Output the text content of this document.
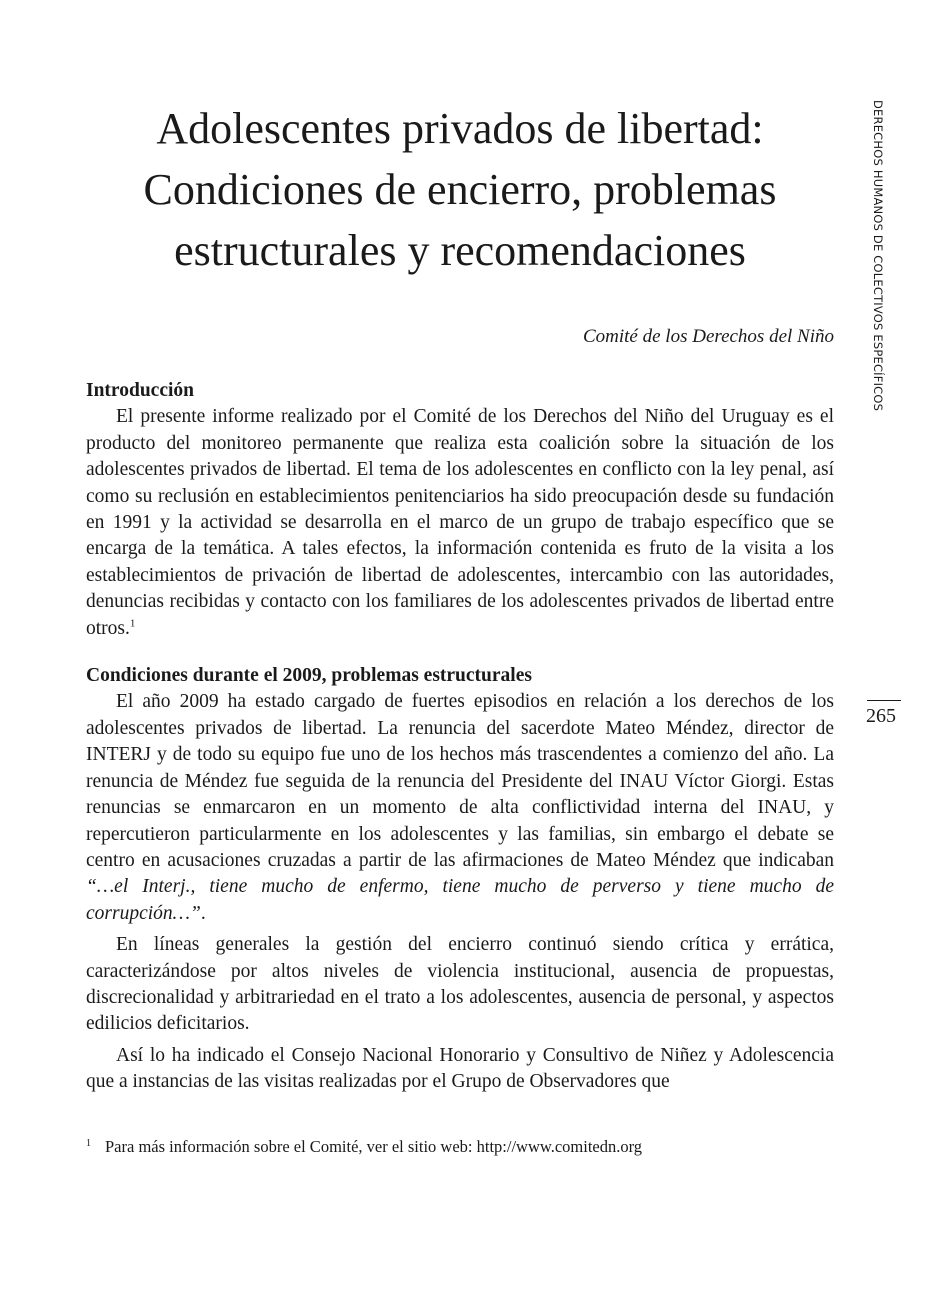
Adolescentes privados de libertad:
Condiciones de encierro, problemas
estructurales y recomendaciones
Comité de los Derechos del Niño
Introducción

El presente informe realizado por el Comité de los Derechos del Niño del Uruguay es el producto del monitoreo permanente que realiza esta coalición sobre la situación de los adolescentes privados de libertad. El tema de los adolescentes en conflicto con la ley penal, así como su reclusión en establecimientos penitenciarios ha sido preocupación desde su fundación en 1991 y la actividad se desarrolla en el marco de un grupo de trabajo específico que se encarga de la temática. A tales efectos, la información contenida es fruto de la visita a los establecimientos de privación de libertad de adolescentes, intercambio con las autoridades, denuncias recibidas y contacto con los familiares de los adolescentes privados de libertad entre otros.$^1$

Condiciones durante el 2009, problemas estructurales

El año 2009 ha estado cargado de fuertes episodios en relación a los derechos de los adolescentes privados de libertad. La renuncia del sacerdote Mateo Méndez, director de INTERJ y de todo su equipo fue uno de los hechos más trascendentes a comienzo del año. La renuncia de Méndez fue seguida de la renuncia del Presidente del INAU Víctor Giorgi. Estas renuncias se enmarcaron en un momento de alta conflictividad interna del INAU, y repercutieron particularmente en los adolescentes y las familias, sin embargo el debate se centro en acusaciones cruzadas a partir de las afirmaciones de Mateo Méndez que indicaban “…el Interj., tiene mucho de enfermo, tiene mucho de perverso y tiene mucho de corrupción…”.

En líneas generales la gestión del encierro continuó siendo crítica y errática, caracterizándose por altos niveles de violencia institucional, ausencia de propuestas, discrecionalidad y arbitrariedad en el trato a los adolescentes, ausencia de personal, y aspectos edilicios deficitarios.

Así lo ha indicado el Consejo Nacional Honorario y Consultivo de Niñez y Adolescencia que a instancias de las visitas realizadas por el Grupo de Observadores que

DERECHOS HUMANOS DE COLECTIVOS ESPECÍFICOS
265
$^1$ Para más información sobre el Comité, ver el sitio web: http://www.comitedn.org
